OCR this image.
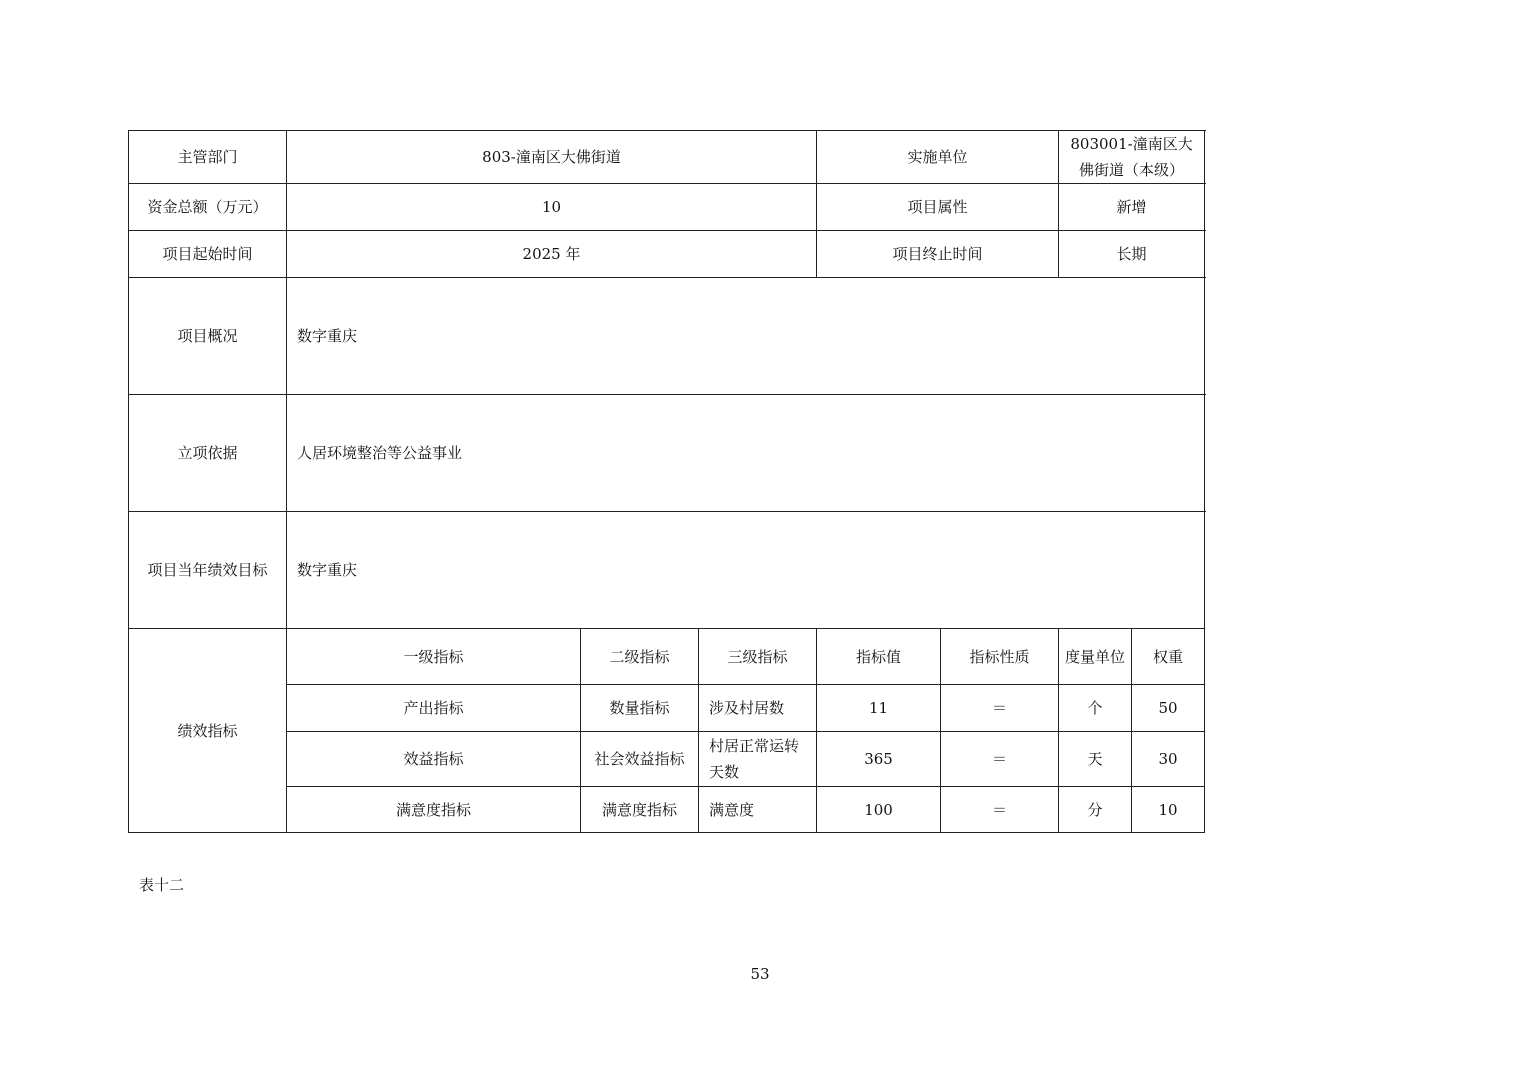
主管部门	803-潼南区大佛街道			实施单位		803001-潼南区大佛街道（本级）	
资金总额（万元）	10			项目属性		新增	
项目起始时间	2025 年			项目终止时间		长期	
项目概况	数字重庆						
立项依据	人居环境整治等公益事业						
项目当年绩效目标	数字重庆						
绩效指标	一级指标	二级指标	三级指标	指标值	指标性质	度量单位	权重
	产出指标	数量指标	涉及村居数	11	＝	个	50
	效益指标	社会效益指标	村居正常运转天数	365	＝	天	30
	满意度指标	满意度指标	满意度	100	＝	分	10
表十二
53
